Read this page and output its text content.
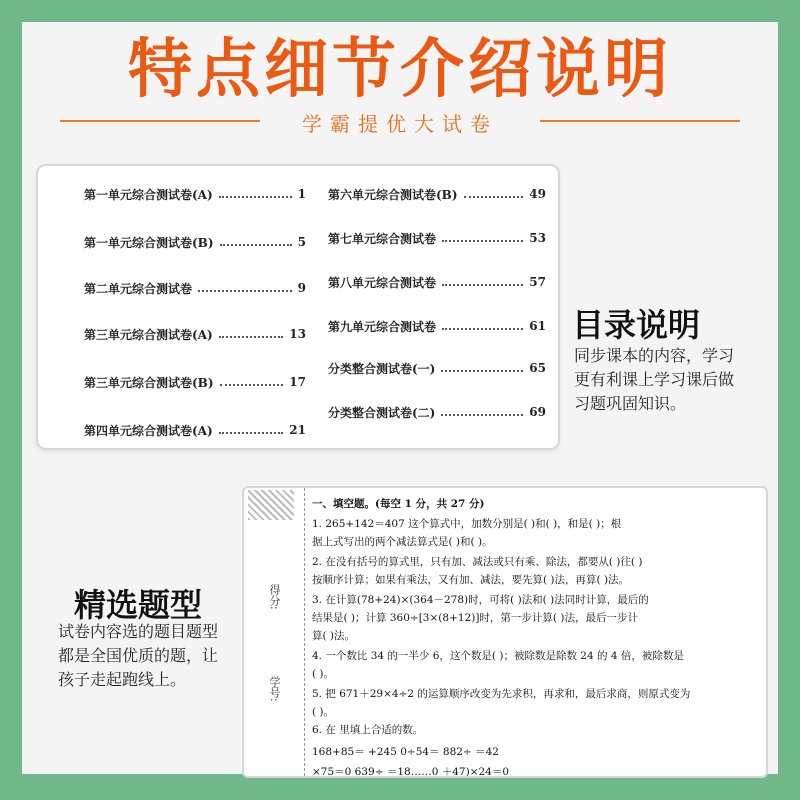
特点细节介绍说明
学霸提优大试卷
第一单元综合测试卷(A)	1
第一单元综合测试卷(B)	5
第二单元综合测试卷	9
第三单元综合测试卷(A)	13
第三单元综合测试卷(B)	17
第四单元综合测试卷(A)	21
第六单元综合测试卷(B)	49
第七单元综合测试卷	53
第八单元综合测试卷	57
第九单元综合测试卷	61
分类整合测试卷(一)	65
分类整合测试卷(二)	69
目录说明
同步课本的内容，学习
更有利课上学习课后做
习题巩固知识。
精选题型
试卷内容选的题目题型
都是全国优质的题，让
孩子走起跑线上。
得分:
学号:
一、填空题。(每空 1 分，共 27 分)
1. 265+142＝407 这个算式中，加数分别是( )和( )，和是( )；根
据上式写出的两个减法算式是( )和( )。
2. 在没有括号的算式里，只有加、减法或只有乘、除法，都要从( )往( )
按顺序计算；如果有乘法，又有加、减法，要先算( )法，再算( )法。
3. 在计算(78+24)×(364－278)时，可将( )法和( )法同时计算，最后的
结果是( )；计算 360÷[3×(8+12)]时，第一步计算( )法，最后一步计
算( )法。
4. 一个数比 34 的一半少 6，这个数是( )；被除数是除数 24 的 4 倍，被除数是
( )。
5. 把 671＋29×4÷2 的运算顺序改变为先求积，再求和，最后求商，则原式变为
( )。
6. 在 里填上合适的数。
168+85＝ +245 0÷54＝ 882÷ ＝42
×75＝0 639÷ ＝18……0 ＋47)×24＝0
